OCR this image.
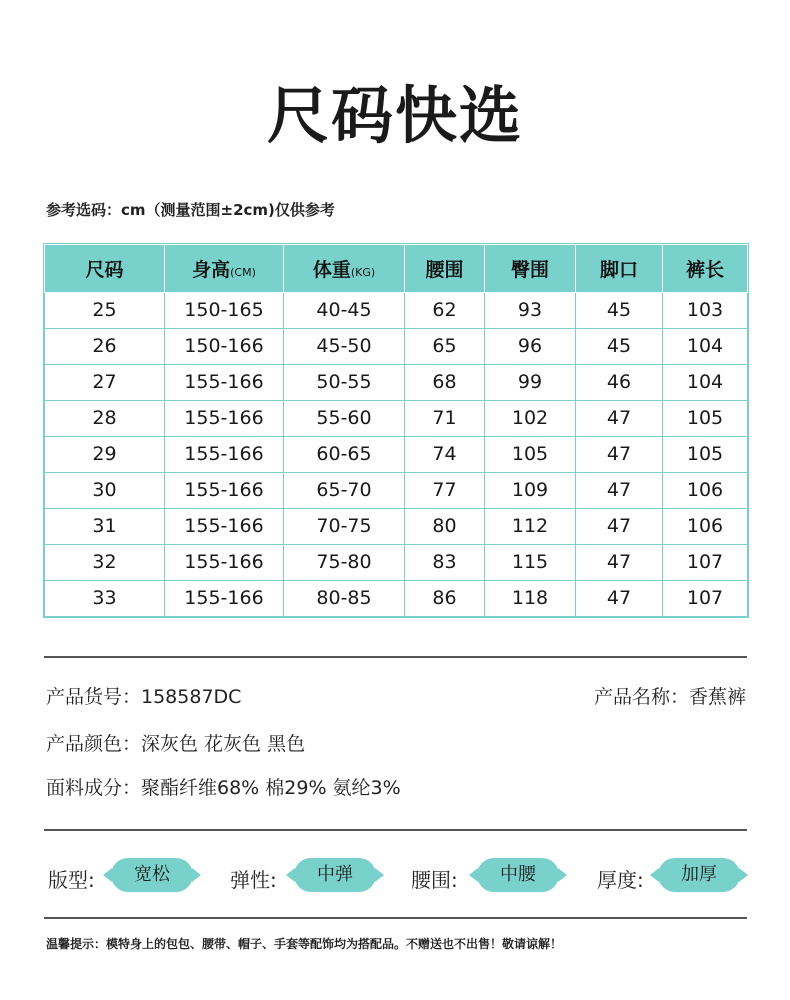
尺码快选
参考选码：cm（测量范围±2cm)仅供参考
尺码	身高(CM)	体重(KG)	腰围	臀围	脚口	裤长
25	150-165	40-45	62	93	45	103
26	150-166	45-50	65	96	45	104
27	155-166	50-55	68	99	46	104
28	155-166	55-60	71	102	47	105
29	155-166	60-65	74	105	47	105
30	155-166	65-70	77	109	47	106
31	155-166	70-75	80	112	47	106
32	155-166	75-80	83	115	47	107
33	155-166	80-85	86	118	47	107
产品货号：158587DC	产品名称：香蕉裤
产品颜色：深灰色 花灰色 黑色
面料成分：聚酯纤维68% 棉29% 氨纶3%
版型:	宽松	弹性:	中弹	腰围:	中腰	厚度:	加厚
温馨提示：模特身上的包包、腰带、帽子、手套等配饰均为搭配品。不赠送也不出售！敬请谅解！
